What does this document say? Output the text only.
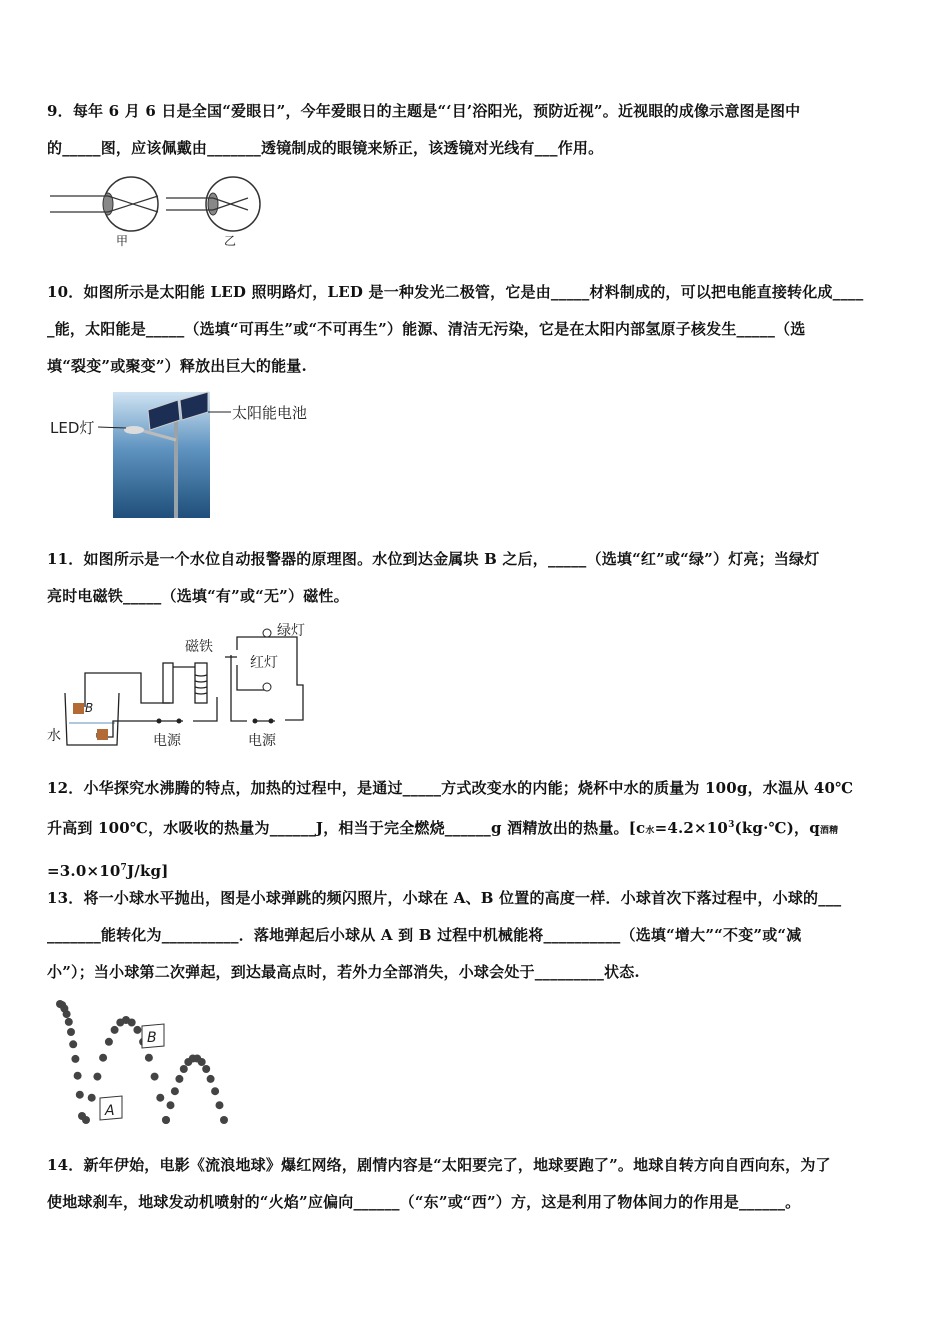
9．每年 6 月 6 日是全国“爱眼日”，今年爱眼日的主题是“‘目’浴阳光，预防近视”。近视眼的成像示意图是图中
的_____图，应该佩戴由_______透镜制成的眼镜来矫正，该透镜对光线有___作用。
甲	乙
10．如图所示是太阳能 LED 照明路灯，LED 是一种发光二极管，它是由_____材料制成的，可以把电能直接转化成____
_能，太阳能是_____（选填“可再生”或“不可再生”）能源、清洁无污染，它是在太阳内部氢原子核发生_____（选
填“裂变”或聚变”）释放出巨大的能量.
LED灯
太阳能电池
11．如图所示是一个水位自动报警器的原理图。水位到达金属块 B 之后，_____（选填“红”或“绿”）灯亮；当绿灯
亮时电磁铁_____（选填“有”或“无”）磁性。
磁铁
绿灯
红灯
水
B
电源	电源
12．小华探究水沸腾的特点，加热的过程中，是通过_____方式改变水的内能；烧杯中水的质量为 100g，水温从 40℃
升高到 100℃，水吸收的热量为______J，相当于完全燃烧______g 酒精放出的热量。[c水$=4.2\times 10^3(kg\cdot℃)$，q酒精
$=3.0\times 10^7J/kg$]
13．将一小球水平抛出，图是小球弹跳的频闪照片，小球在 A、B 位置的高度一样．小球首次下落过程中，小球的___
_______能转化为__________．落地弹起后小球从 A 到 B 过程中机械能将__________（选填“增大”“不变”或“减
小”）；当小球第二次弹起，到达最高点时，若外力全部消失，小球会处于_________状态.
A
B
14．新年伊始，电影《流浪地球》爆红网络，剧情内容是“太阳要完了，地球要跑了”。地球自转方向自西向东，为了
使地球刹车，地球发动机喷射的“火焰”应偏向______（“东”或“西”）方，这是利用了物体间力的作用是______。
